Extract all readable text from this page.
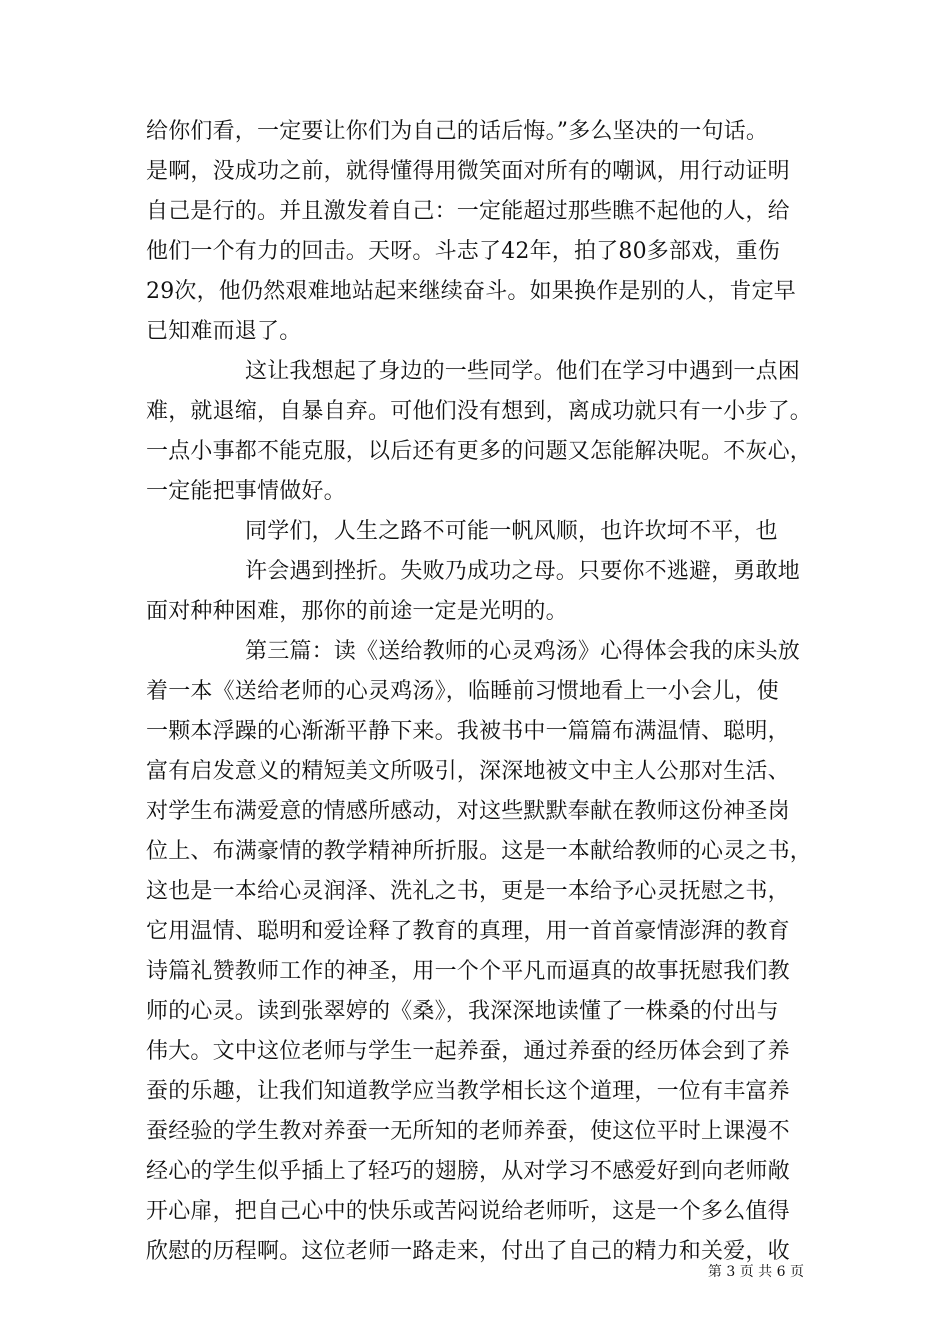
给你们看，一定要让你们为自己的话后悔。”多么坚决的一句话。
是啊，没成功之前，就得懂得用微笑面对所有的嘲讽，用行动证明
自己是行的。并且激发着自己：一定能超过那些瞧不起他的人，给
他们一个有力的回击。天呀。斗志了42年，拍了80多部戏，重伤
29次，他仍然艰难地站起来继续奋斗。如果换作是别的人，肯定早
已知难而退了。
这让我想起了身边的一些同学。他们在学习中遇到一点困
难，就退缩，自暴自弃。可他们没有想到，离成功就只有一小步了。
一点小事都不能克服，以后还有更多的问题又怎能解决呢。不灰心，
一定能把事情做好。
同学们，人生之路不可能一帆风顺，也许坎坷不平，也
许会遇到挫折。失败乃成功之母。只要你不逃避，勇敢地
面对种种困难，那你的前途一定是光明的。
第三篇：读《送给教师的心灵鸡汤》心得体会我的床头放
着一本《送给老师的心灵鸡汤》，临睡前习惯地看上一小会儿，使
一颗本浮躁的心渐渐平静下来。我被书中一篇篇布满温情、聪明，
富有启发意义的精短美文所吸引，深深地被文中主人公那对生活、
对学生布满爱意的情感所感动，对这些默默奉献在教师这份神圣岗
位上、布满豪情的教学精神所折服。这是一本献给教师的心灵之书，
这也是一本给心灵润泽、洗礼之书，更是一本给予心灵抚慰之书，
它用温情、聪明和爱诠释了教育的真理，用一首首豪情澎湃的教育
诗篇礼赞教师工作的神圣，用一个个平凡而逼真的故事抚慰我们教
师的心灵。读到张翠婷的《桑》，我深深地读懂了一株桑的付出与
伟大。文中这位老师与学生一起养蚕，通过养蚕的经历体会到了养
蚕的乐趣，让我们知道教学应当教学相长这个道理，一位有丰富养
蚕经验的学生教对养蚕一无所知的老师养蚕，使这位平时上课漫不
经心的学生似乎插上了轻巧的翅膀，从对学习不感爱好到向老师敞
开心扉，把自己心中的快乐或苦闷说给老师听，这是一个多么值得
欣慰的历程啊。这位老师一路走来，付出了自己的精力和关爱，收
第 3 页 共 6 页
